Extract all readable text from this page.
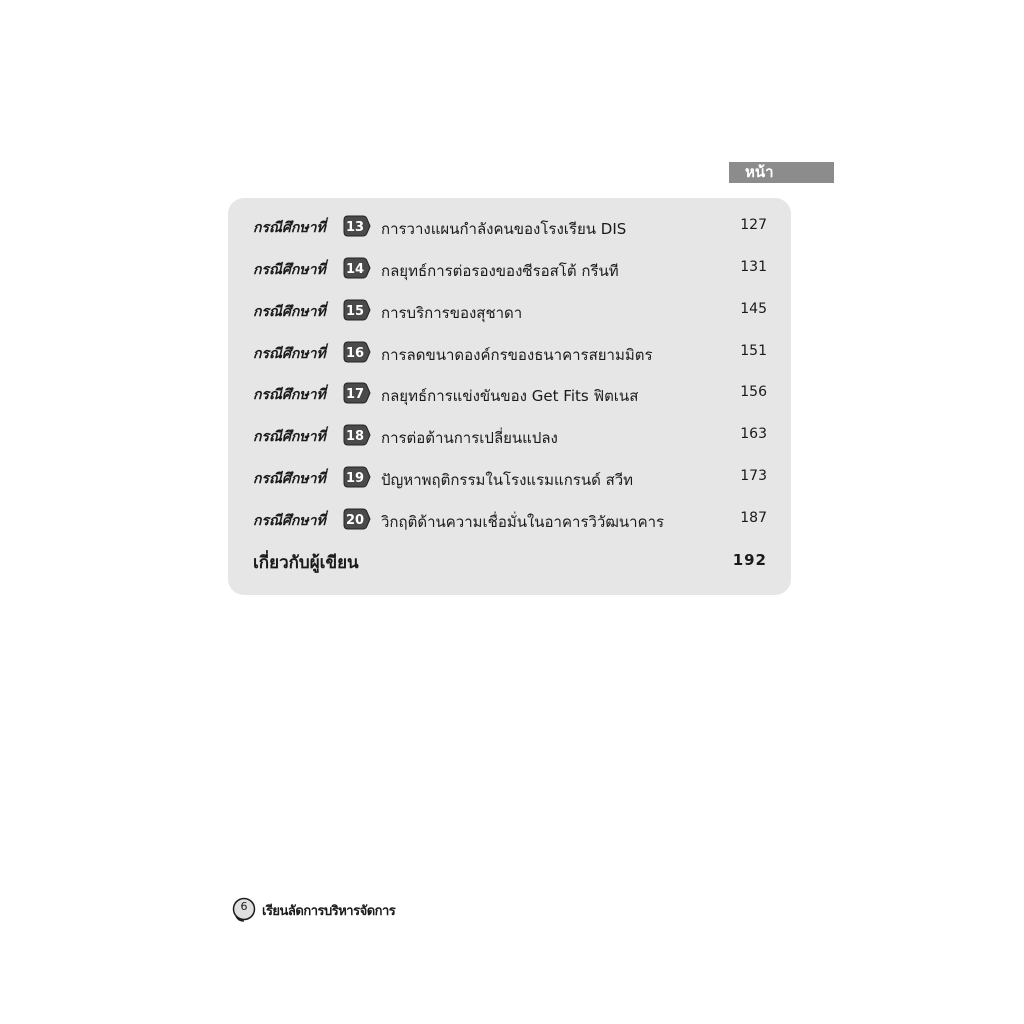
หน้า
กรณีศึกษาที่ 13 การวางแผนกำลังคนของโรงเรียน DIS	127
กรณีศึกษาที่ 14 กลยุทธ์การต่อรองของซีรอสโต้ กรีนที	131
กรณีศึกษาที่ 15 การบริการของสุชาดา	145
กรณีศึกษาที่ 16 การลดขนาดองค์กรของธนาคารสยามมิตร	151
กรณีศึกษาที่ 17 กลยุทธ์การแข่งขันของ Get Fits ฟิตเนส	156
กรณีศึกษาที่ 18 การต่อต้านการเปลี่ยนแปลง	163
กรณีศึกษาที่ 19 ปัญหาพฤติกรรมในโรงแรมแกรนด์ สวีท	173
กรณีศึกษาที่ 20 วิกฤติด้านความเชื่อมั่นในอาคารวิวัฒนาคาร	187
เกี่ยวกับผู้เขียน	192
6	เรียนลัดการบริหารจัดการ
